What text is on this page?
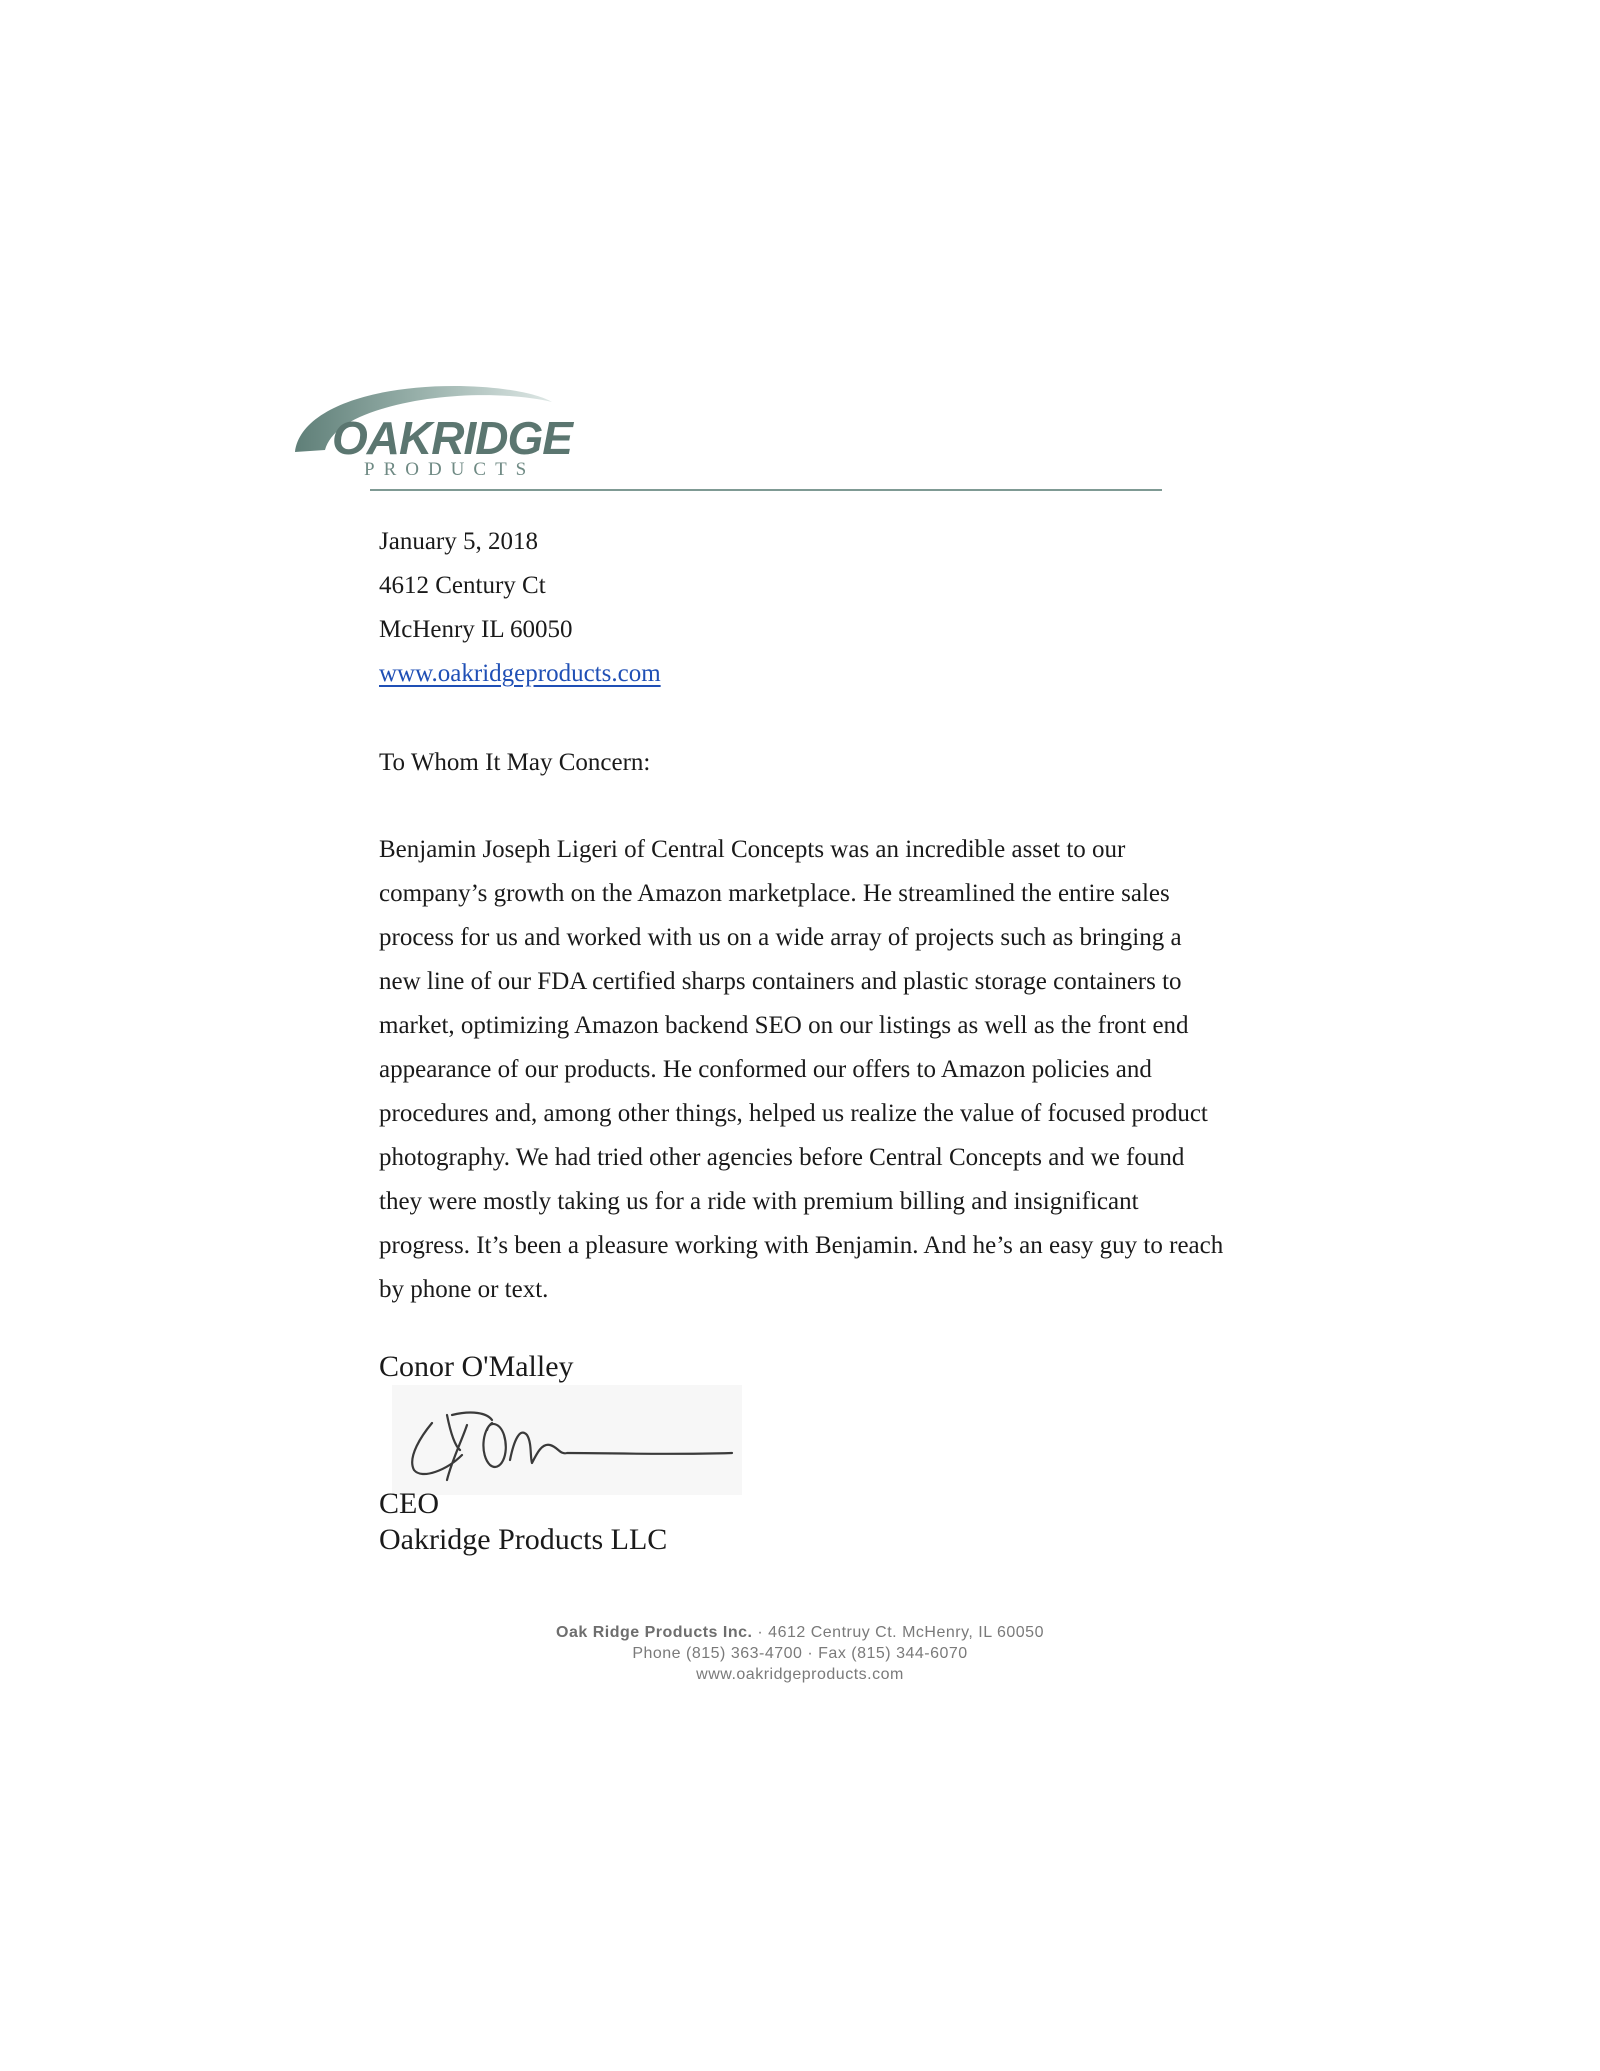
OAKRIDGE
PRODUCTS
January 5, 2018
4612 Century Ct
McHenry IL 60050
www.oakridgeproducts.com
To Whom It May Concern:

Benjamin Joseph Ligeri of Central Concepts was an incredible asset to our company’s growth on the Amazon marketplace. He streamlined the entire sales process for us and worked with us on a wide array of projects such as bringing a new line of our FDA certified sharps containers and plastic storage containers to market, optimizing Amazon backend SEO on our listings as well as the front end appearance of our products. He conformed our offers to Amazon policies and procedures and, among other things, helped us realize the value of focused product photography. We had tried other agencies before Central Concepts and we found they were mostly taking us for a ride with premium billing and insignificant progress. It’s been a pleasure working with Benjamin. And he’s an easy guy to reach by phone or text.

Conor O'Malley
CEO
Oakridge Products LLC
Oak Ridge Products Inc. · 4612 Centruy Ct. McHenry, IL 60050
Phone (815) 363-4700 · Fax (815) 344-6070
www.oakridgeproducts.com
